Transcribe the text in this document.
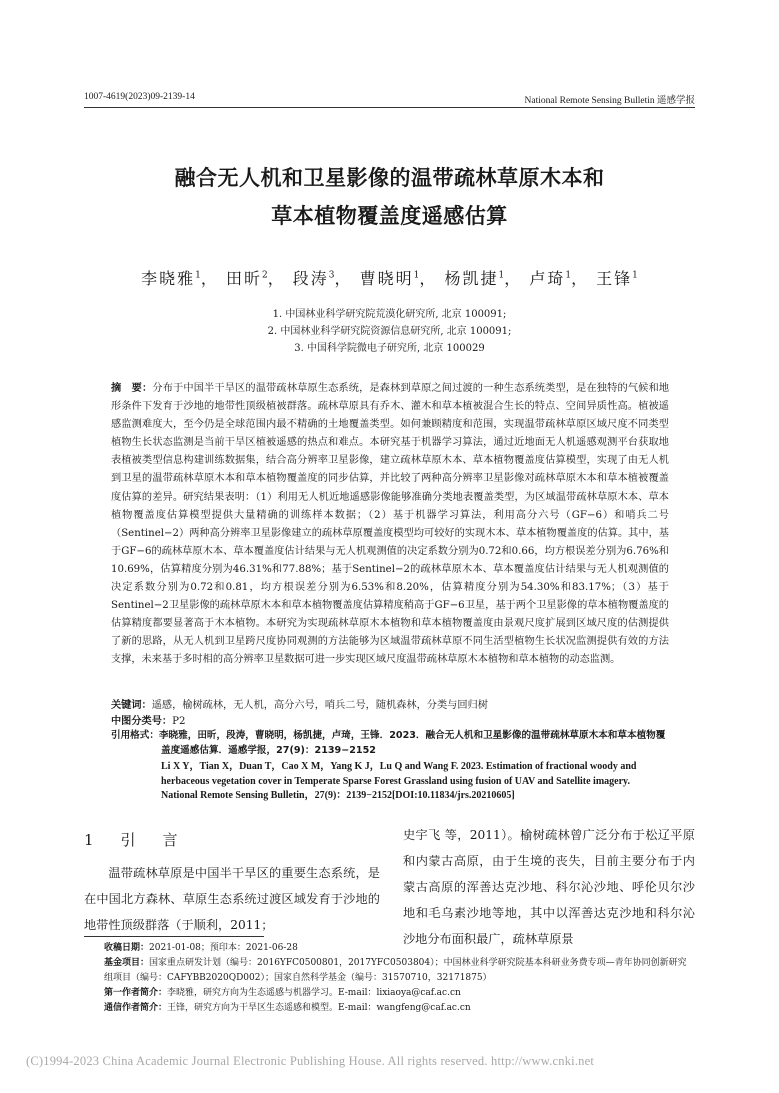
1007-4619(2023)09-2139-14	National Remote Sensing Bulletin 遥感学报
融合无人机和卫星影像的温带疏林草原木本和
草本植物覆盖度遥感估算
李晓雅$^1$， 田昕$^2$， 段涛$^3$， 曹晓明$^1$， 杨凯捷$^1$， 卢琦$^1$， 王锋$^1$
1. 中国林业科学研究院荒漠化研究所, 北京 100091;
2. 中国林业科学研究院资源信息研究所, 北京 100091;
3. 中国科学院微电子研究所, 北京 100029
摘　要：分布于中国半干旱区的温带疏林草原生态系统，是森林到草原之间过渡的一种生态系统类型，是在独特的气候和地形条件下发育于沙地的地带性顶级植被群落。疏林草原具有乔木、灌木和草本植被混合生长的特点、空间异质性高。植被遥感监测难度大，至今仍是全球范围内最不精确的土地覆盖类型。如何兼顾精度和范围，实现温带疏林草原区域尺度不同类型植物生长状态监测是当前干旱区植被遥感的热点和难点。本研究基于机器学习算法，通过近地面无人机遥感观测平台获取地表植被类型信息构建训练数据集，结合高分辨率卫星影像，建立疏林草原木本、草本植物覆盖度估算模型，实现了由无人机到卫星的温带疏林草原木本和草本植物覆盖度的同步估算，并比较了两种高分辨率卫星影像对疏林草原木本和草本植被覆盖度估算的差异。研究结果表明：（1）利用无人机近地遥感影像能够准确分类地表覆盖类型，为区域温带疏林草原木本、草本植物覆盖度估算模型提供大量精确的训练样本数据；（2）基于机器学习算法，利用高分六号（GF−6）和哨兵二号（Sentinel−2）两种高分辨率卫星影像建立的疏林草原覆盖度模型均可较好的实现木本、草本植物覆盖度的估算。其中，基于GF−6的疏林草原木本、草本覆盖度估计结果与无人机观测值的决定系数分别为0.72和0.66，均方根误差分别为6.76%和10.69%，估算精度分别为46.31%和77.88%；基于Sentinel−2的疏林草原木本、草本覆盖度估计结果与无人机观测值的决定系数分别为0.72和0.81，均方根误差分别为6.53%和8.20%，估算精度分别为54.30%和83.17%；（3）基于Sentinel−2卫星影像的疏林草原木本和草本植物覆盖度估算精度稍高于GF−6卫星，基于两个卫星影像的草本植物覆盖度的估算精度都要显著高于木本植物。本研究为实现疏林草原木本植物和草本植物覆盖度由景观尺度扩展到区域尺度的估测提供了新的思路，从无人机到卫星跨尺度协同观测的方法能够为区域温带疏林草原不同生活型植物生长状况监测提供有效的方法支撑，未来基于多时相的高分辨率卫星数据可进一步实现区域尺度温带疏林草原木本植物和草本植物的动态监测。
关键词：遥感，榆树疏林，无人机，高分六号，哨兵二号，随机森林，分类与回归树
中图分类号：P2
引用格式：李晓雅，田昕，段涛，曹晓明，杨凯捷，卢琦，王锋．2023．融合无人机和卫星影像的温带疏林草原木本和草本植物覆盖度遥感估算．遥感学报，27(9)：2139−2152
Li X Y，Tian X，Duan T，Cao X M，Yang K J，Lu Q and Wang F. 2023. Estimation of fractional woody and herbaceous vegetation cover in Temperate Sparse Forest Grassland using fusion of UAV and Satellite imagery. National Remote Sensing Bulletin，27(9)：2139−2152[DOI:10.11834/jrs.20210605]
1　引　言
温带疏林草原是中国半干旱区的重要生态系统，是在中国北方森林、草原生态系统过渡区域发育于沙地的地带性顶级群落（于顺利，2011；
史宇飞 等，2011）。榆树疏林曾广泛分布于松辽平原和内蒙古高原，由于生境的丧失，目前主要分布于内蒙古高原的浑善达克沙地、科尔沁沙地、呼伦贝尔沙地和毛乌素沙地等地，其中以浑善达克沙地和科尔沁沙地分布面积最广，疏林草原景
收稿日期：2021-01-08；预印本：2021-06-28
基金项目：国家重点研发计划（编号：2016YFC0500801，2017YFC0503804）；中国林业科学研究院基本科研业务费专项—青年协同创新研究组项目（编号：CAFYBB2020QD002）；国家自然科学基金（编号：31570710，32171875）
第一作者简介：李晓雅，研究方向为生态遥感与机器学习。E-mail：lixiaoya@caf.ac.cn
通信作者简介：王锋，研究方向为干旱区生态遥感和模型。E-mail：wangfeng@caf.ac.cn
(C)1994-2023 China Academic Journal Electronic Publishing House. All rights reserved. http://www.cnki.net
